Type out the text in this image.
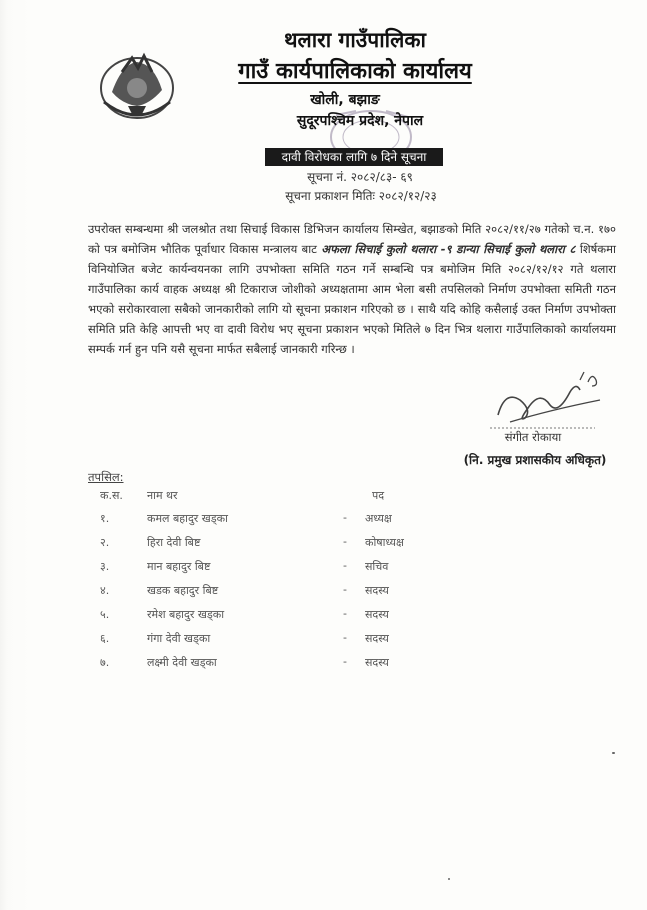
थलारा गाउँपालिका
गाउँ कार्यपालिकाको कार्यालय
खोली, बझाङ
सुदूरपश्चिम प्रदेश, नेपाल
दावी विरोधका लागि ७ दिने सूचना
सूचना नं. २०८२/८३- ६९
सूचना प्रकाशन मितिः २०८२/१२/२३
उपरोक्त सम्बन्धमा श्री जलश्रोत तथा सिचाई विकास डिभिजन कार्यालय सिम्खेत, बझाङको मिति २०८२/११/२७ गतेको च.न. १७० को पत्र बमोजिम भौतिक पूर्वाधार विकास मन्त्रालय बाट अफला सिचाई कुलो थलारा -९ डान्या सिचाई कुलो थलारा ८ शिर्षकमा विनियोजित बजेट कार्यन्वयनका लागि उपभोक्ता समिति गठन गर्ने सम्बन्धि पत्र बमोजिम मिति २०८२/१२/१२ गते थलारा गाउँपालिका कार्य वाहक अध्यक्ष श्री टिकाराज जोशीको अध्यक्षतामा आम भेला बसी तपसिलको निर्माण उपभोक्ता समिती गठन भएको सरोकारवाला सबैको जानकारीको लागि यो सूचना प्रकाशन गरिएको छ । साथै यदि कोहि कसैलाई उक्त निर्माण उपभोक्ता समिति प्रति केहि आपत्ती भए वा दावी विरोध भए सूचना प्रकाशन भएको मितिले ७ दिन भित्र थलारा गाउँपालिकाको कार्यालयमा सम्पर्क गर्न हुन पनि यसै सूचना मार्फत सबैलाई जानकारी गरिन्छ ।
संगीत रोकाया
(नि. प्रमुख प्रशासकीय अधिकृत)
तपसिल:
क.स. नाम थर	पद
१.	कमल बहादुर खड्का	- अध्यक्ष
२.	हिरा देवी बिष्ट	- कोषाध्यक्ष
३.	मान बहादुर बिष्ट	- सचिव
४.	खडक बहादुर बिष्ट	- सदस्य
५.	रमेश बहादुर खड्का	- सदस्य
६.	गंगा देवी खड्का	- सदस्य
७.	लक्ष्मी देवी खड्का	- सदस्य
